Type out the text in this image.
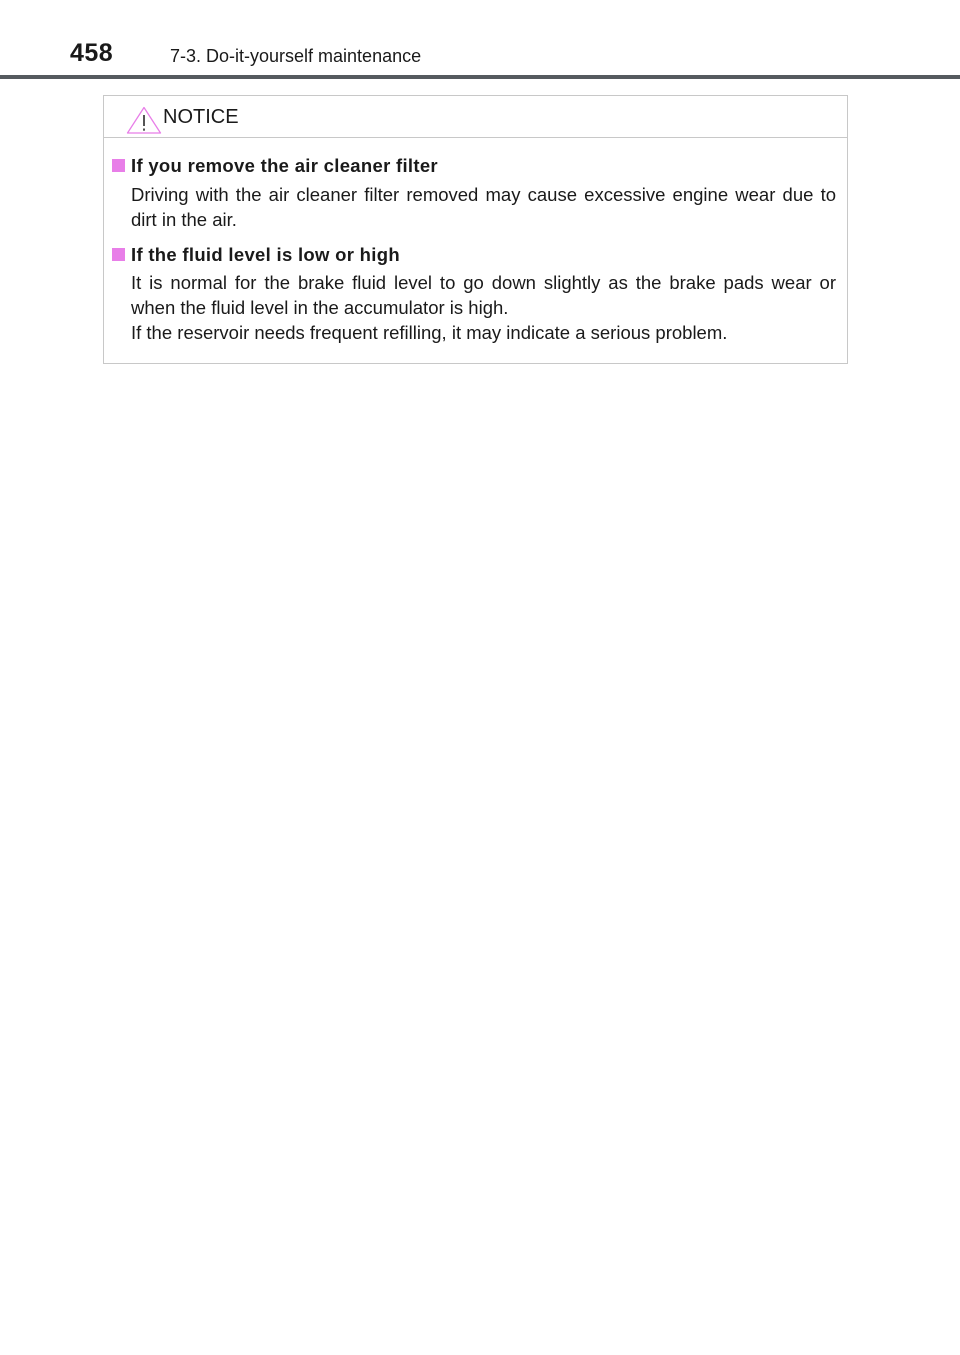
458	7-3. Do-it-yourself maintenance
NOTICE
If you remove the air cleaner filter
Driving with the air cleaner filter removed may cause excessive engine wear due to dirt in the air.
If the fluid level is low or high
It is normal for the brake fluid level to go down slightly as the brake pads wear or when the fluid level in the accumulator is high.
If the reservoir needs frequent refilling, it may indicate a serious problem.
